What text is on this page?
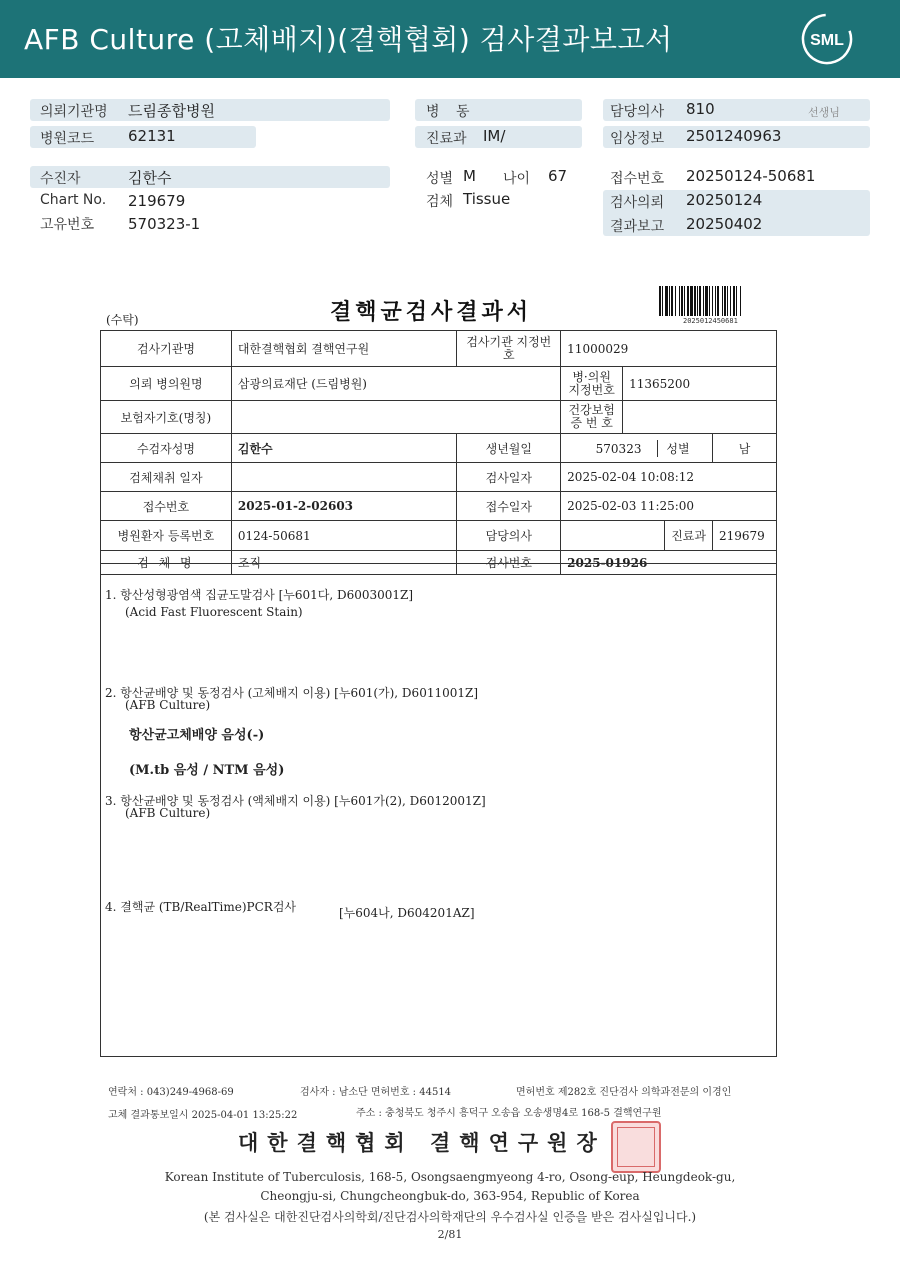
AFB Culture (고체배지)(결핵협회) 검사결과보고서	SML
의뢰기관명 드림종합병원
병원코드 62131
병 동
진료과 IM/
담당의사 810	선생님
임상정보 2501240963
수진자	김한수
Chart No. 219679
고유번호 570323-1
성별 M 나이 67
검체 Tissue
접수번호 20250124-50681
검사의뢰 20250124
결과보고 20250402
(수탁)	결핵균검사결과서	2025012450681
검사기관명	대한결핵협회 결핵연구원	검사기관 지정번호	11000029		
의뢰 병의원명	삼광의료재단 (드림병원)		병·의원 지정번호	11365200	
보험자기호(명칭)			건강보험 증 번 호		
수검자성명	김한수	생년월일	570323 성별		남
검체채취 일자		검사일자	2025-02-04 10:08:12		
접수번호	2025-01-2-02603	접수일자	2025-02-03 11:25:00		
병원환자 등록번호	0124-50681	담당의사	진료과		219679
검 체 명	조직	검사번호	2025-01926		
1. 항산성형광염색 집균도말검사 [누601다, D6003001Z]
(Acid Fast Fluorescent Stain)
2. 항산균배양 및 동정검사 (고체배지 이용) [누601(가), D6011001Z]
(AFB Culture)
항산균고체배양 음성(-)
(M.tb 음성 / NTM 음성)
3. 항산균배양 및 동정검사 (액체배지 이용) [누601가(2), D6012001Z]
(AFB Culture)
4. 결핵균 (TB/RealTime)PCR검사	[누604나, D604201AZ]
연락처 : 043)249-4968-69	검사자 : 남소단 면허번호 : 44514	면허번호 제282호 진단검사 의학과전문의 이경인
고체 결과통보일시 2025-04-01 13:25:22	주소 : 충청북도 청주시 흥덕구 오송읍 오송생명4로 168-5 결핵연구원
대한결핵협회 결핵연구원장
Korean Institute of Tuberculosis, 168-5, Osongsaengmyeong 4-ro, Osong-eup, Heungdeok-gu,
Cheongju-si, Chungcheongbuk-do, 363-954, Republic of Korea
(본 검사실은 대한진단검사의학회/진단검사의학재단의 우수검사실 인증을 받은 검사실입니다.)
2/81
